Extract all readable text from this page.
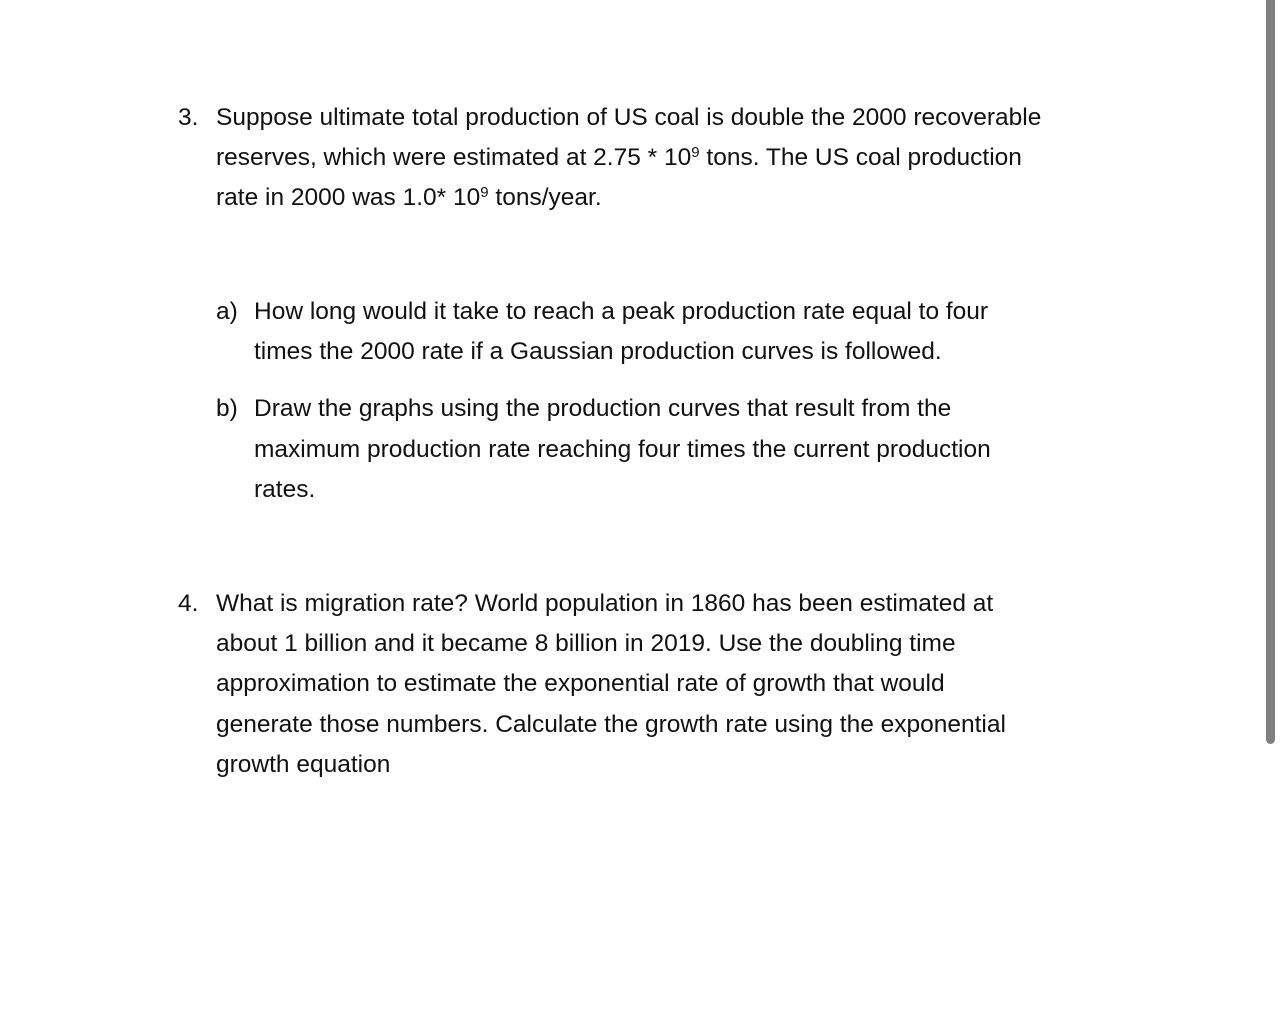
3. Suppose ultimate total production of US coal is double the 2000 recoverable
reserves, which were estimated at $2.75 * 10^9$ tons. The US coal production
rate in 2000 was 1.0* $10^9$ tons/year.
a) How long would it take to reach a peak production rate equal to four
times the 2000 rate if a Gaussian production curves is followed.
b) Draw the graphs using the production curves that result from the
maximum production rate reaching four times the current production
rates.
4. What is migration rate? World population in 1860 has been estimated at
about 1 billion and it became 8 billion in 2019. Use the doubling time
approximation to estimate the exponential rate of growth that would
generate those numbers. Calculate the growth rate using the exponential
growth equation
